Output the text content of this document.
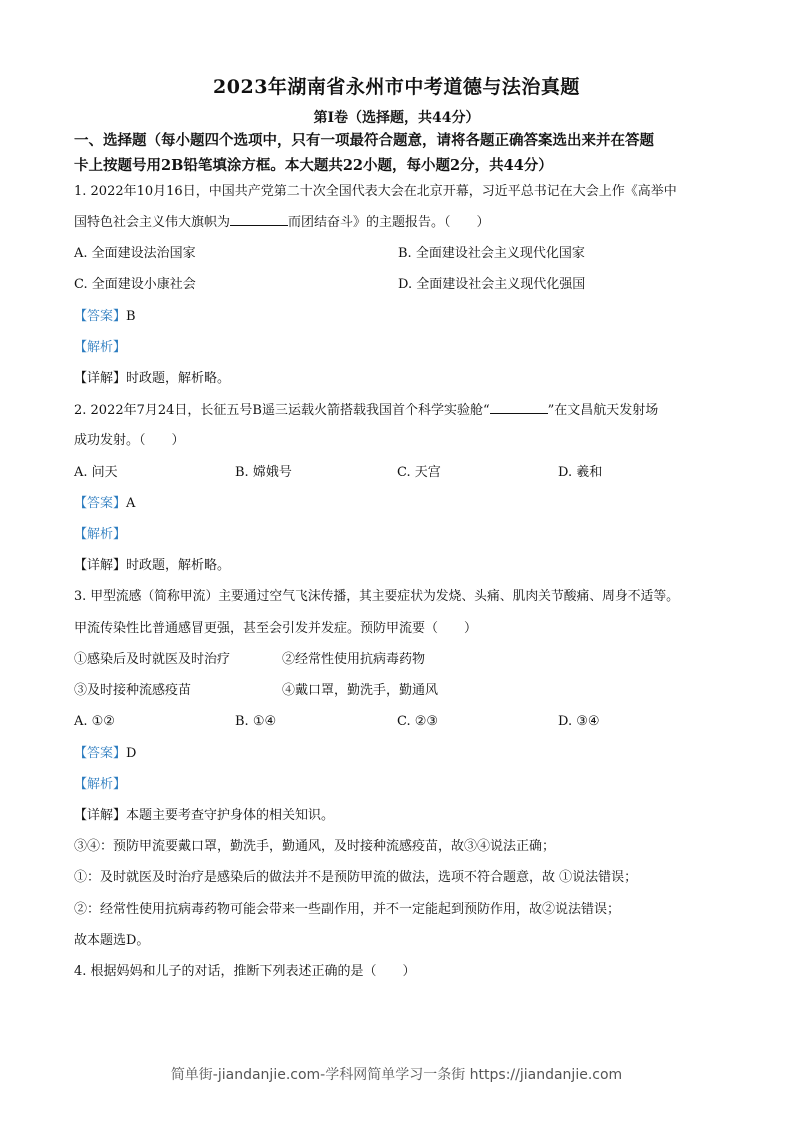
2023年湖南省永州市中考道德与法治真题
第I卷（选择题，共44分）
一、选择题（每小题四个选项中，只有一项最符合题意，请将各题正确答案选出来并在答题
卡上按题号用2B铅笔填涂方框。本大题共22小题，每小题2分，共44分）
1. 2022年10月16日，中国共产党第二十次全国代表大会在北京开幕，习近平总书记在大会上作《高举中
国特色社会主义伟大旗帜为	而团结奋斗》的主题报告。（　　）
A. 全面建设法治国家	B. 全面建设社会主义现代化国家
C. 全面建设小康社会	D. 全面建设社会主义现代化强国
【答案】B
【解析】
【详解】时政题，解析略。
2. 2022年7月24日，长征五号B遥三运载火箭搭载我国首个科学实验舱“	”在文昌航天发射场
成功发射。（　　）
A. 问天	B. 嫦娥号	C. 天宫	D. 羲和
【答案】A
【解析】
【详解】时政题，解析略。
3. 甲型流感（简称甲流）主要通过空气飞沫传播，其主要症状为发烧、头痛、肌肉关节酸痛、周身不适等。
甲流传染性比普通感冒更强，甚至会引发并发症。预防甲流要（　　）
①感染后及时就医及时治疗	②经常性使用抗病毒药物
③及时接种流感疫苗	④戴口罩，勤洗手，勤通风
A. ①②	B. ①④	C. ②③	D. ③④
【答案】D
【解析】
【详解】本题主要考查守护身体的相关知识。
③④：预防甲流要戴口罩，勤洗手，勤通风，及时接种流感疫苗，故③④说法正确；
①：及时就医及时治疗是感染后的做法并不是预防甲流的做法，选项不符合题意，故 ①说法错误；
②：经常性使用抗病毒药物可能会带来一些副作用，并不一定能起到预防作用，故②说法错误；
故本题选D。
4. 根据妈妈和儿子的对话，推断下列表述正确的是（　　）
简单街-jiandanjie.com-学科网简单学习一条街 https://jiandanjie.com
